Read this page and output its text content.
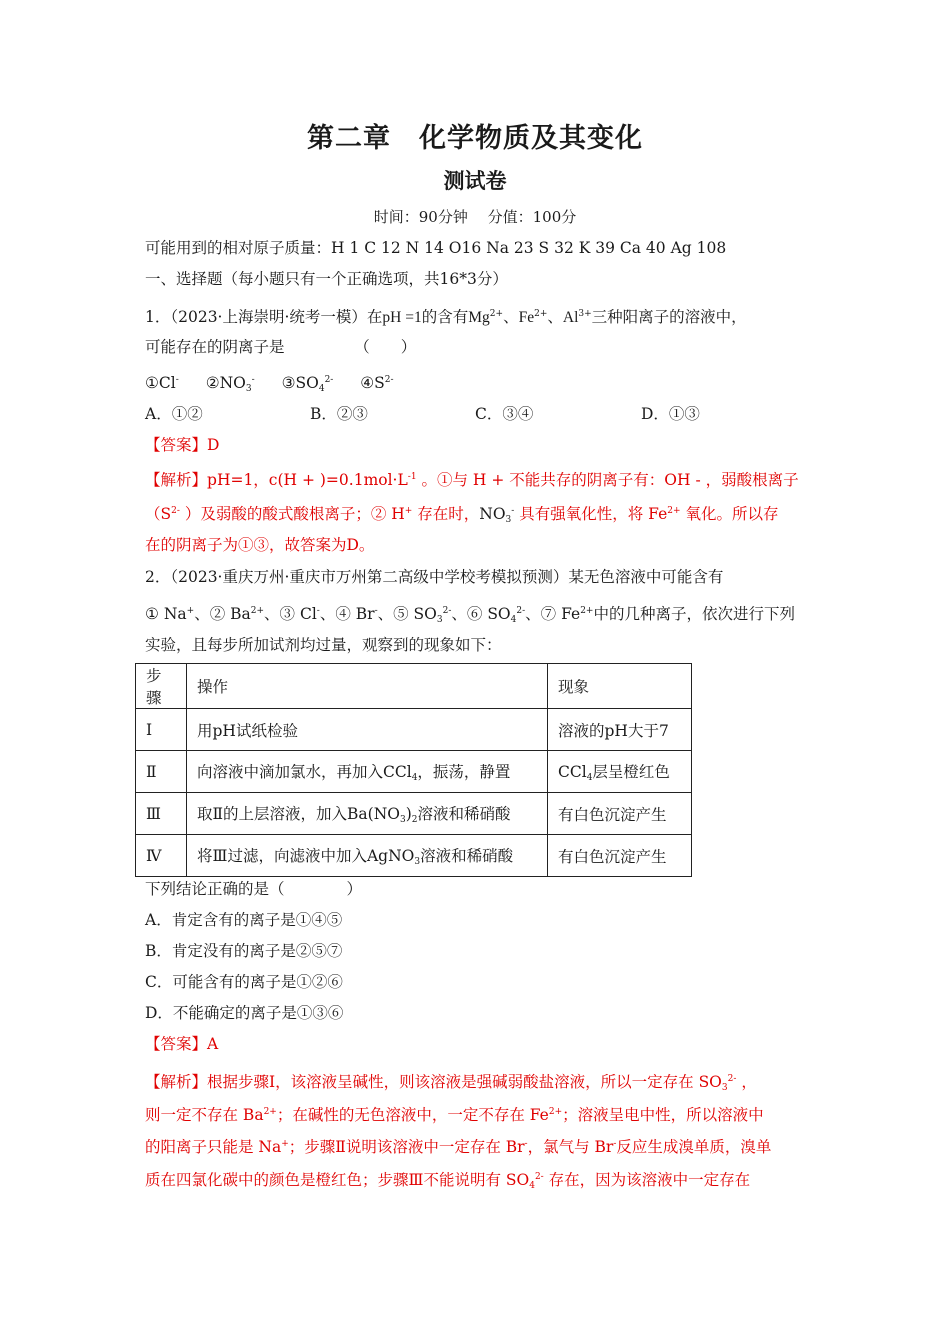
第二章　化学物质及其变化
测试卷
时间：90分钟　 分值：100分
可能用到的相对原子质量：H 1 C 12 N 14 O16 Na 23 S 32 K 39 Ca 40 Ag 108
一、选择题（每小题只有一个正确选项，共16*3分）
1．（2023·上海崇明·统考一模）在pH =1的含有$Mg^{2+}$、$Fe^{2+}$、$Al^{3+}$三种阳离子的溶液中，
可能存在的阴离子是　　　　　（　　）
①Cl- $②NO_3^-$ $③SO_4^{2-}$ $④S^{2-}$
A．①②	B．②③	C．③④	D．①③
【答案】D
【解析】pH=1，$c(H + )=0.1mol\cdot L^{-1}$ 。①与 H + 不能共存的阴离子有：OH - ，弱酸根离子
（$S^{2-}$ ）及弱酸的酸式酸根离子；② H+ 存在时，$NO_3^-$ 具有强氧化性，将 $Fe^{2+}$ 氧化。所以存
在的阴离子为①③，故答案为D。
2．（2023·重庆万州·重庆市万州第二高级中学校考模拟预测）某无色溶液中可能含有
① Na+、② $Ba^{2+}$、③ Cl-、④ Br-、⑤ $SO_3^{2-}$、⑥ $SO_4^{2-}$、⑦ $Fe^{2+}$中的几种离子，依次进行下列
实验，且每步所加试剂均过量，观察到的现象如下：
步骤	操作	现象
Ⅰ	用pH试纸检验	溶液的pH大于7
Ⅱ	向溶液中滴加氯水，再加入CCl$_4$，振荡，静置	CCl$_4$层呈橙红色
Ⅲ	取Ⅱ的上层溶液，加入$Ba(NO_3)_2$溶液和稀硝酸	有白色沉淀产生
Ⅳ	将Ⅲ过滤，向滤液中加入AgNO$_3$溶液和稀硝酸	有白色沉淀产生
下列结论正确的是（　　　　）
A．肯定含有的离子是①④⑤
B．肯定没有的离子是②⑤⑦
C．可能含有的离子是①②⑥
D．不能确定的离子是①③⑥
【答案】A
【解析】根据步骤Ⅰ，该溶液呈碱性，则该溶液是强碱弱酸盐溶液，所以一定存在 $SO_3^{2-}$ ，
则一定不存在 $Ba^{2+}$；在碱性的无色溶液中，一定不存在 $Fe^{2+}$；溶液呈电中性，所以溶液中
的阳离子只能是 Na+；步骤Ⅱ说明该溶液中一定存在 Br-，氯气与 Br-反应生成溴单质，溴单
质在四氯化碳中的颜色是橙红色；步骤Ⅲ不能说明有 $SO_4^{2-}$ 存在，因为该溶液中一定存在
